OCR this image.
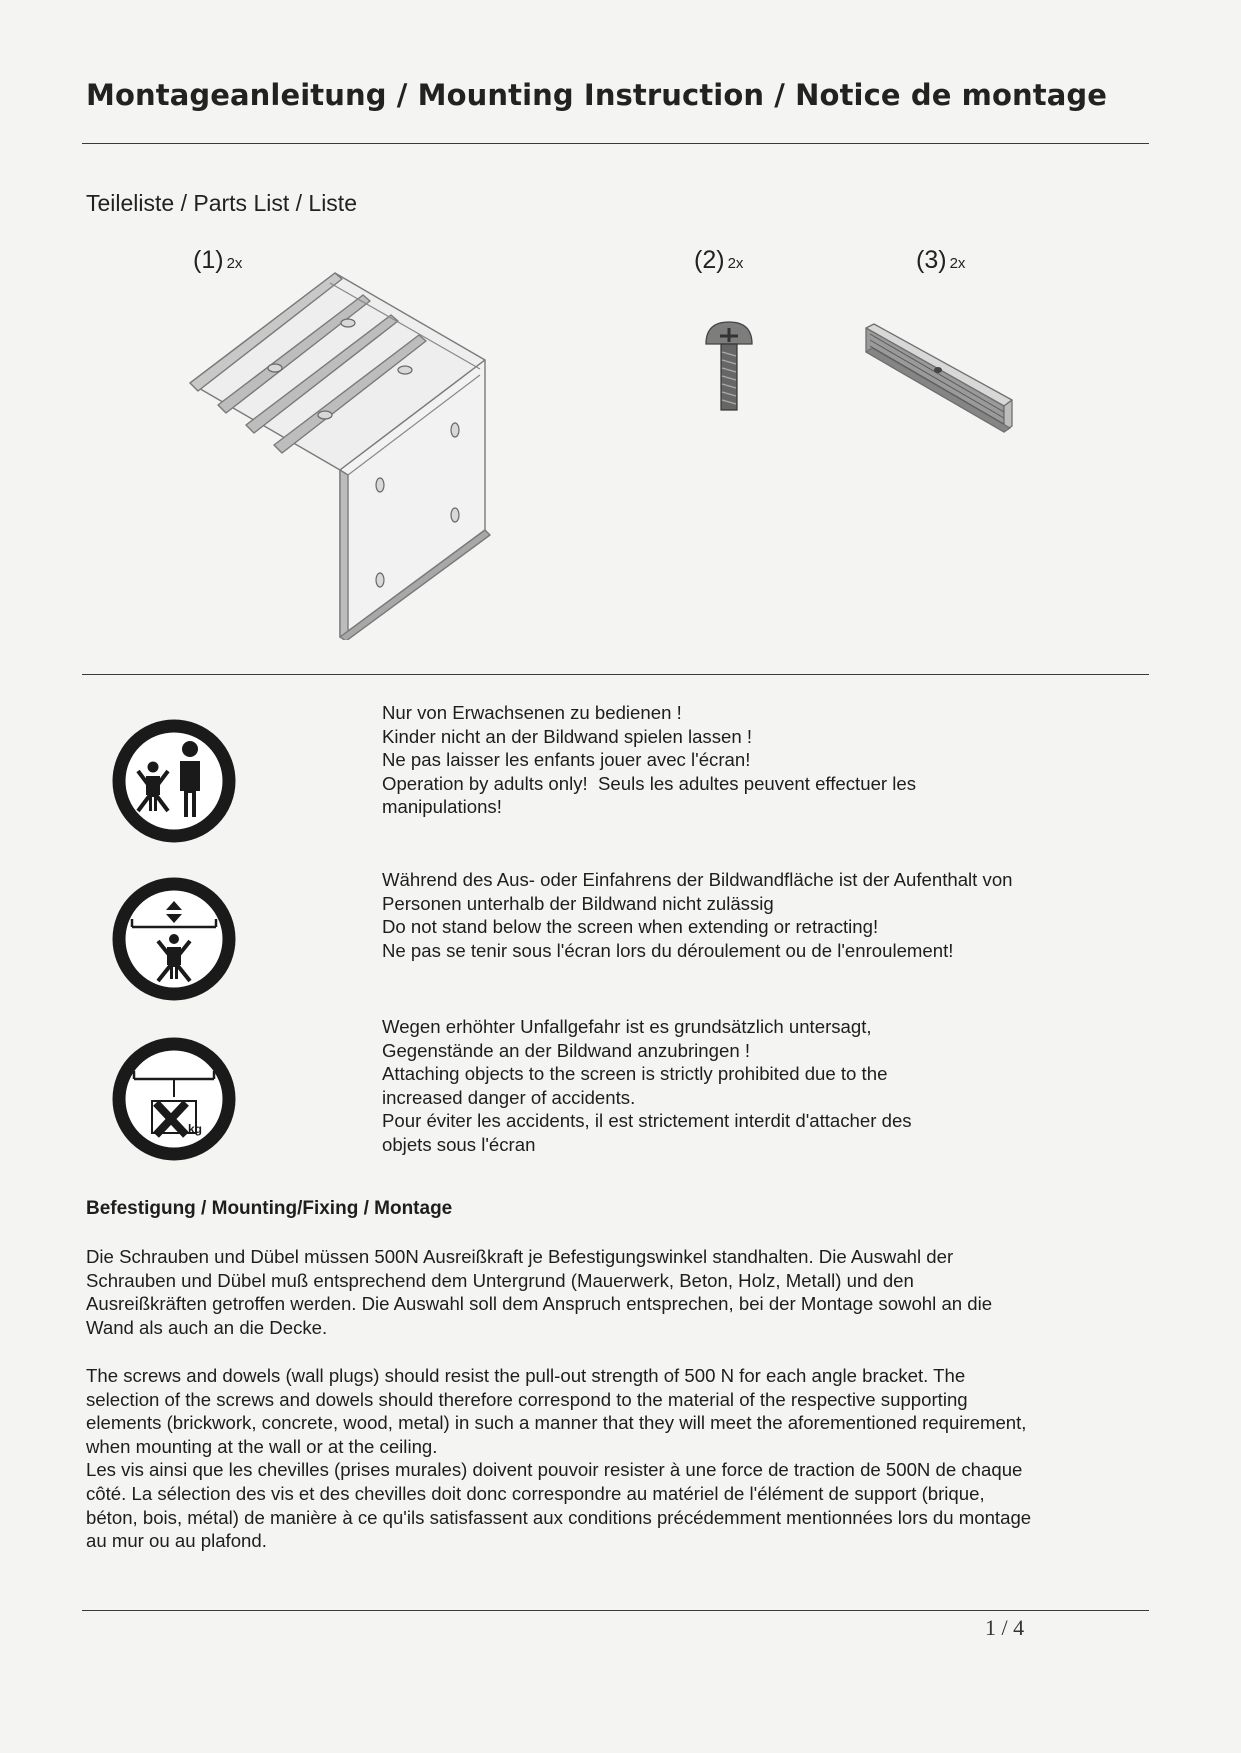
Montageanleitung / Mounting Instruction / Notice de montage
Teileliste / Parts List / Liste
(1) 2x	(2) 2x	(3) 2x
Nur von Erwachsenen zu bedienen !
Kinder nicht an der Bildwand spielen lassen !
Ne pas laisser les enfants jouer avec l'écran!
Operation by adults only!  Seuls les adultes peuvent effectuer les
manipulations!
Während des Aus- oder Einfahrens der Bildwandfläche ist der Aufenthalt von
Personen unterhalb der Bildwand nicht zulässig
Do not stand below the screen when extending or retracting!
Ne pas se tenir sous l'écran lors du déroulement ou de l'enroulement!
kg
Wegen erhöhter Unfallgefahr ist es grundsätzlich untersagt,
Gegenstände an der Bildwand anzubringen !
Attaching objects to the screen is strictly prohibited due to the
increased danger of accidents.
Pour éviter les accidents, il est strictement interdit d'attacher des
objets sous l'écran
Befestigung / Mounting/Fixing / Montage
Die Schrauben und Dübel müssen 500N Ausreißkraft je Befestigungswinkel standhalten. Die Auswahl der
Schrauben und Dübel muß entsprechend dem Untergrund (Mauerwerk, Beton, Holz, Metall) und den
Ausreißkräften getroffen werden. Die Auswahl soll dem Anspruch entsprechen, bei der Montage sowohl an die
Wand als auch an die Decke.
The screws and dowels (wall plugs) should resist the pull-out strength of 500 N for each angle bracket. The
selection of the screws and dowels should therefore correspond to the material of the respective supporting
elements (brickwork, concrete, wood, metal) in such a manner that they will meet the aforementioned requirement,
when mounting at the wall or at the ceiling.
Les vis ainsi que les chevilles (prises murales) doivent pouvoir resister à une force de traction de 500N de chaque
côté. La sélection des vis et des chevilles doit donc correspondre au matériel de l'élément de support (brique,
béton, bois, métal) de manière à ce qu'ils satisfassent aux conditions précédemment mentionnées lors du montage
au mur ou au plafond.
1 / 4
